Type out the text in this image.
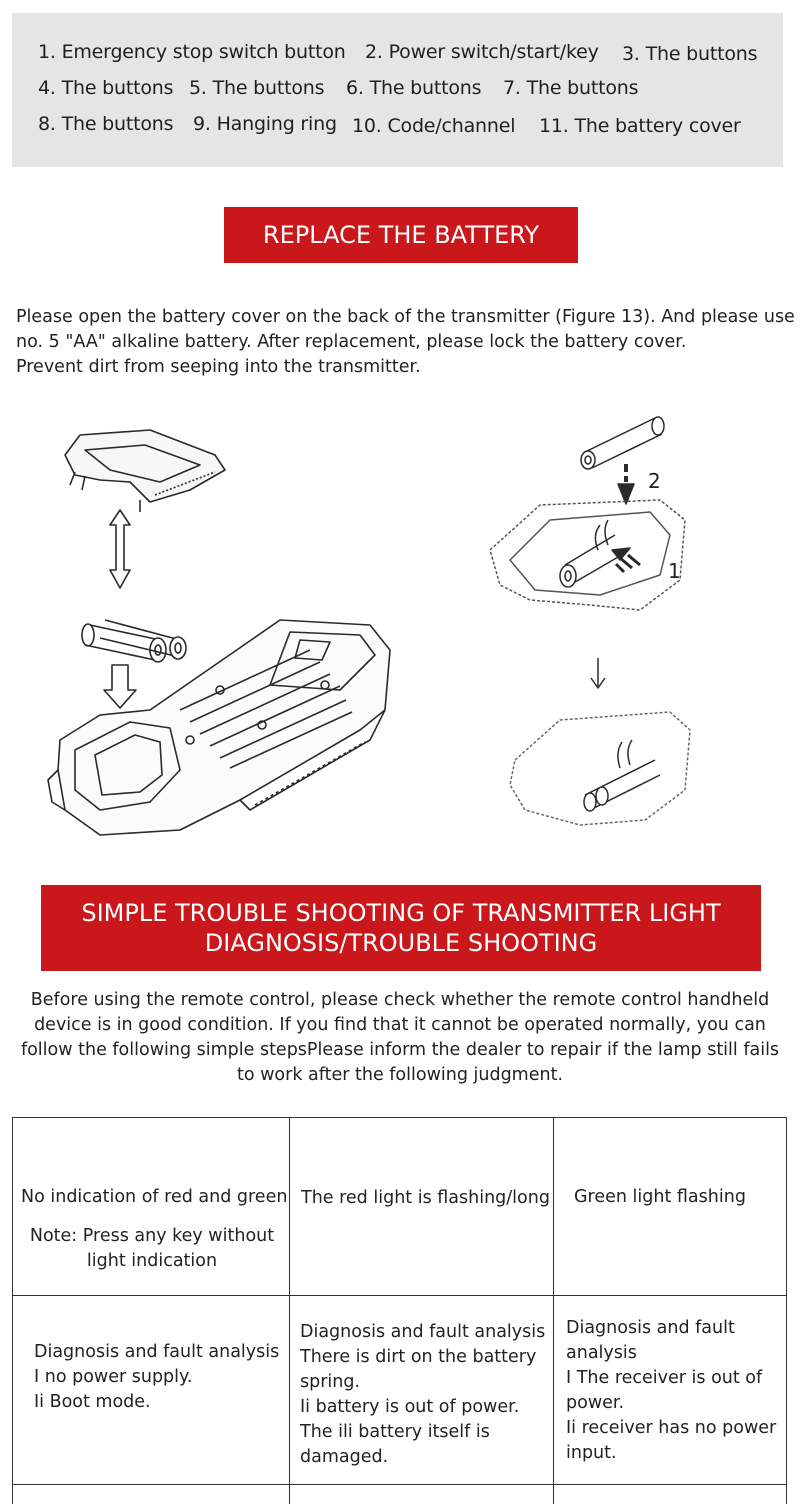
1. Emergency stop switch button 2. Power switch/start/key 3. The buttons
4. The buttons 5. The buttons 6. The buttons 7. The buttons
8. The buttons 9. Hanging ring 10. Code/channel 11. The battery cover
REPLACE THE BATTERY
Please open the battery cover on the back of the transmitter (Figure 13). And please use
no. 5 "AA" alkaline battery. After replacement, please lock the battery cover.
Prevent dirt from seeping into the transmitter.
2
1
SIMPLE TROUBLE SHOOTING OF TRANSMITTER LIGHT
DIAGNOSIS/TROUBLE SHOOTING
Before using the remote control, please check whether the remote control handheld
device is in good condition. If you find that it cannot be operated normally, you can
follow the following simple stepsPlease inform the dealer to repair if the lamp still fails
to work after the following judgment.
No indication of red and green
Note: Press any key without
light indication
The red light is flashing/long Green light flashing
Diagnosis and fault analysis
I no power supply.
Ii Boot mode.
Diagnosis and fault analysis
There is dirt on the battery
spring.
Ii battery is out of power.
The ili battery itself is
damaged.
Diagnosis and fault
analysis
I The receiver is out of
power.
Ii receiver has no power
input.
